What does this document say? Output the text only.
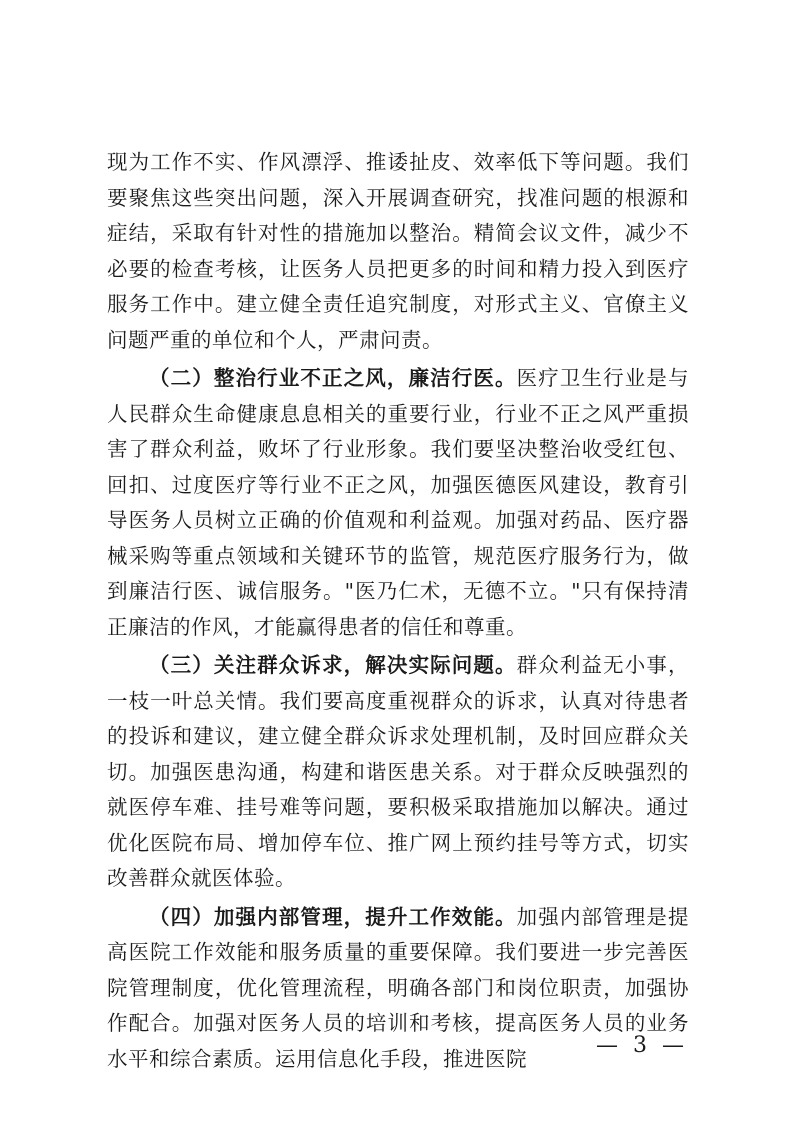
现为工作不实、作风漂浮、推诿扯皮、效率低下等问题。我们要聚焦这些突出问题，深入开展调查研究，找准问题的根源和症结，采取有针对性的措施加以整治。精简会议文件，减少不必要的检查考核，让医务人员把更多的时间和精力投入到医疗服务工作中。建立健全责任追究制度，对形式主义、官僚主义问题严重的单位和个人，严肃问责。

（二）整治行业不正之风，廉洁行医。医疗卫生行业是与人民群众生命健康息息相关的重要行业，行业不正之风严重损害了群众利益，败坏了行业形象。我们要坚决整治收受红包、回扣、过度医疗等行业不正之风，加强医德医风建设，教育引导医务人员树立正确的价值观和利益观。加强对药品、医疗器械采购等重点领域和关键环节的监管，规范医疗服务行为，做到廉洁行医、诚信服务。"医乃仁术，无德不立。"只有保持清正廉洁的作风，才能赢得患者的信任和尊重。

（三）关注群众诉求，解决实际问题。群众利益无小事，一枝一叶总关情。我们要高度重视群众的诉求，认真对待患者的投诉和建议，建立健全群众诉求处理机制，及时回应群众关切。加强医患沟通，构建和谐医患关系。对于群众反映强烈的就医停车难、挂号难等问题，要积极采取措施加以解决。通过优化医院布局、增加停车位、推广网上预约挂号等方式，切实改善群众就医体验。

（四）加强内部管理，提升工作效能。加强内部管理是提高医院工作效能和服务质量的重要保障。我们要进一步完善医院管理制度，优化管理流程，明确各部门和岗位职责，加强协作配合。加强对医务人员的培训和考核，提高医务人员的业务水平和综合素质。运用信息化手段，推进医院

— 3 —
